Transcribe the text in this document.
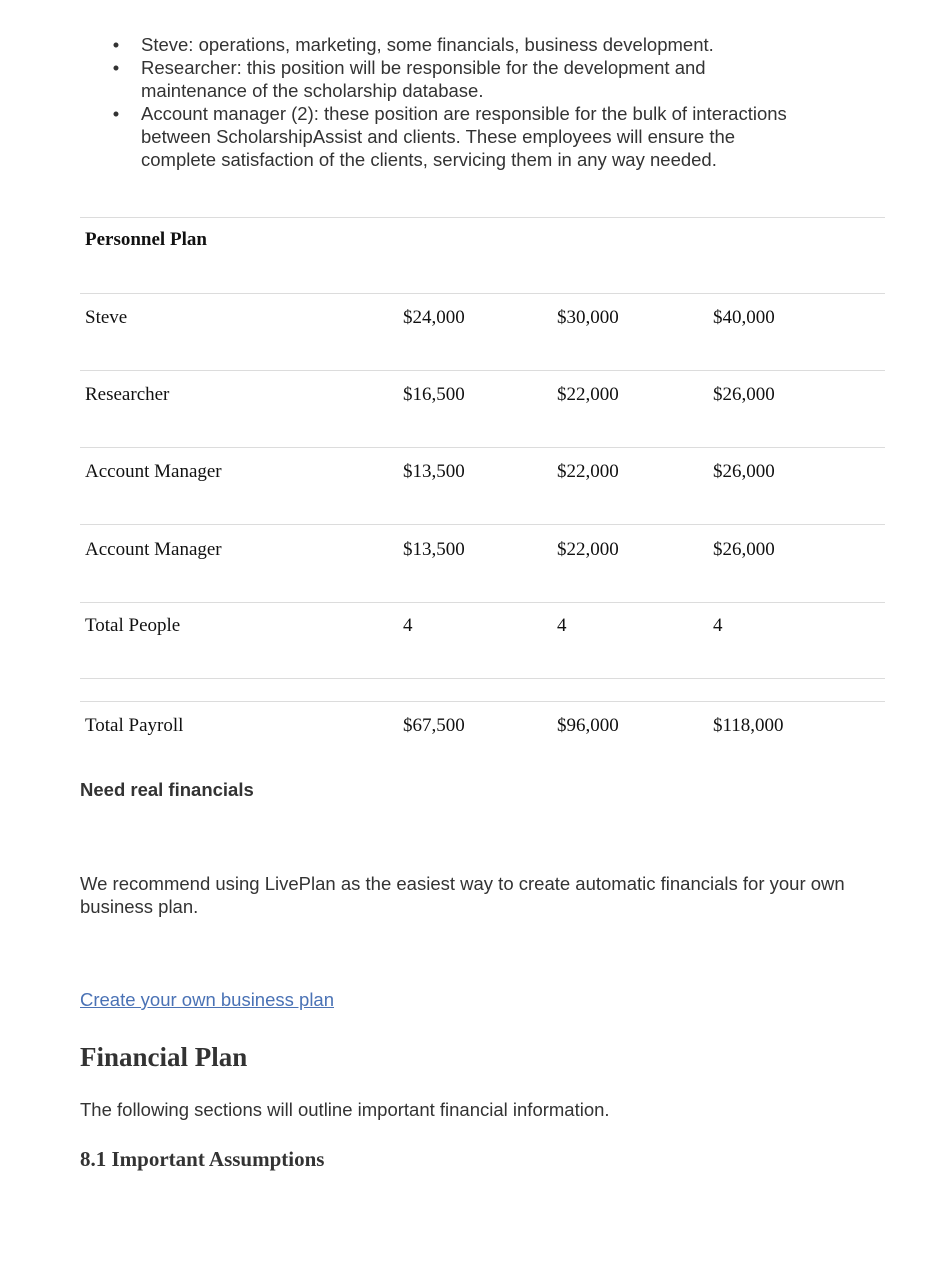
• Steve: operations, marketing, some financials, business development.
• Researcher: this position will be responsible for the development and maintenance of the scholarship database.
• Account manager (2): these position are responsible for the bulk of interactions between ScholarshipAssist and clients. These employees will ensure the complete satisfaction of the clients, servicing them in any way needed.
Personnel Plan
Steve	$24,000	$30,000	$40,000
Researcher	$16,500	$22,000	$26,000
Account Manager	$13,500	$22,000	$26,000
Account Manager	$13,500	$22,000	$26,000
Total People	4	4	4
Total Payroll	$67,500	$96,000	$118,000
Need real financials

We recommend using LivePlan as the easiest way to create automatic financials for your own business plan.

Create your own business plan
Financial Plan

The following sections will outline important financial information.

8.1 Important Assumptions
